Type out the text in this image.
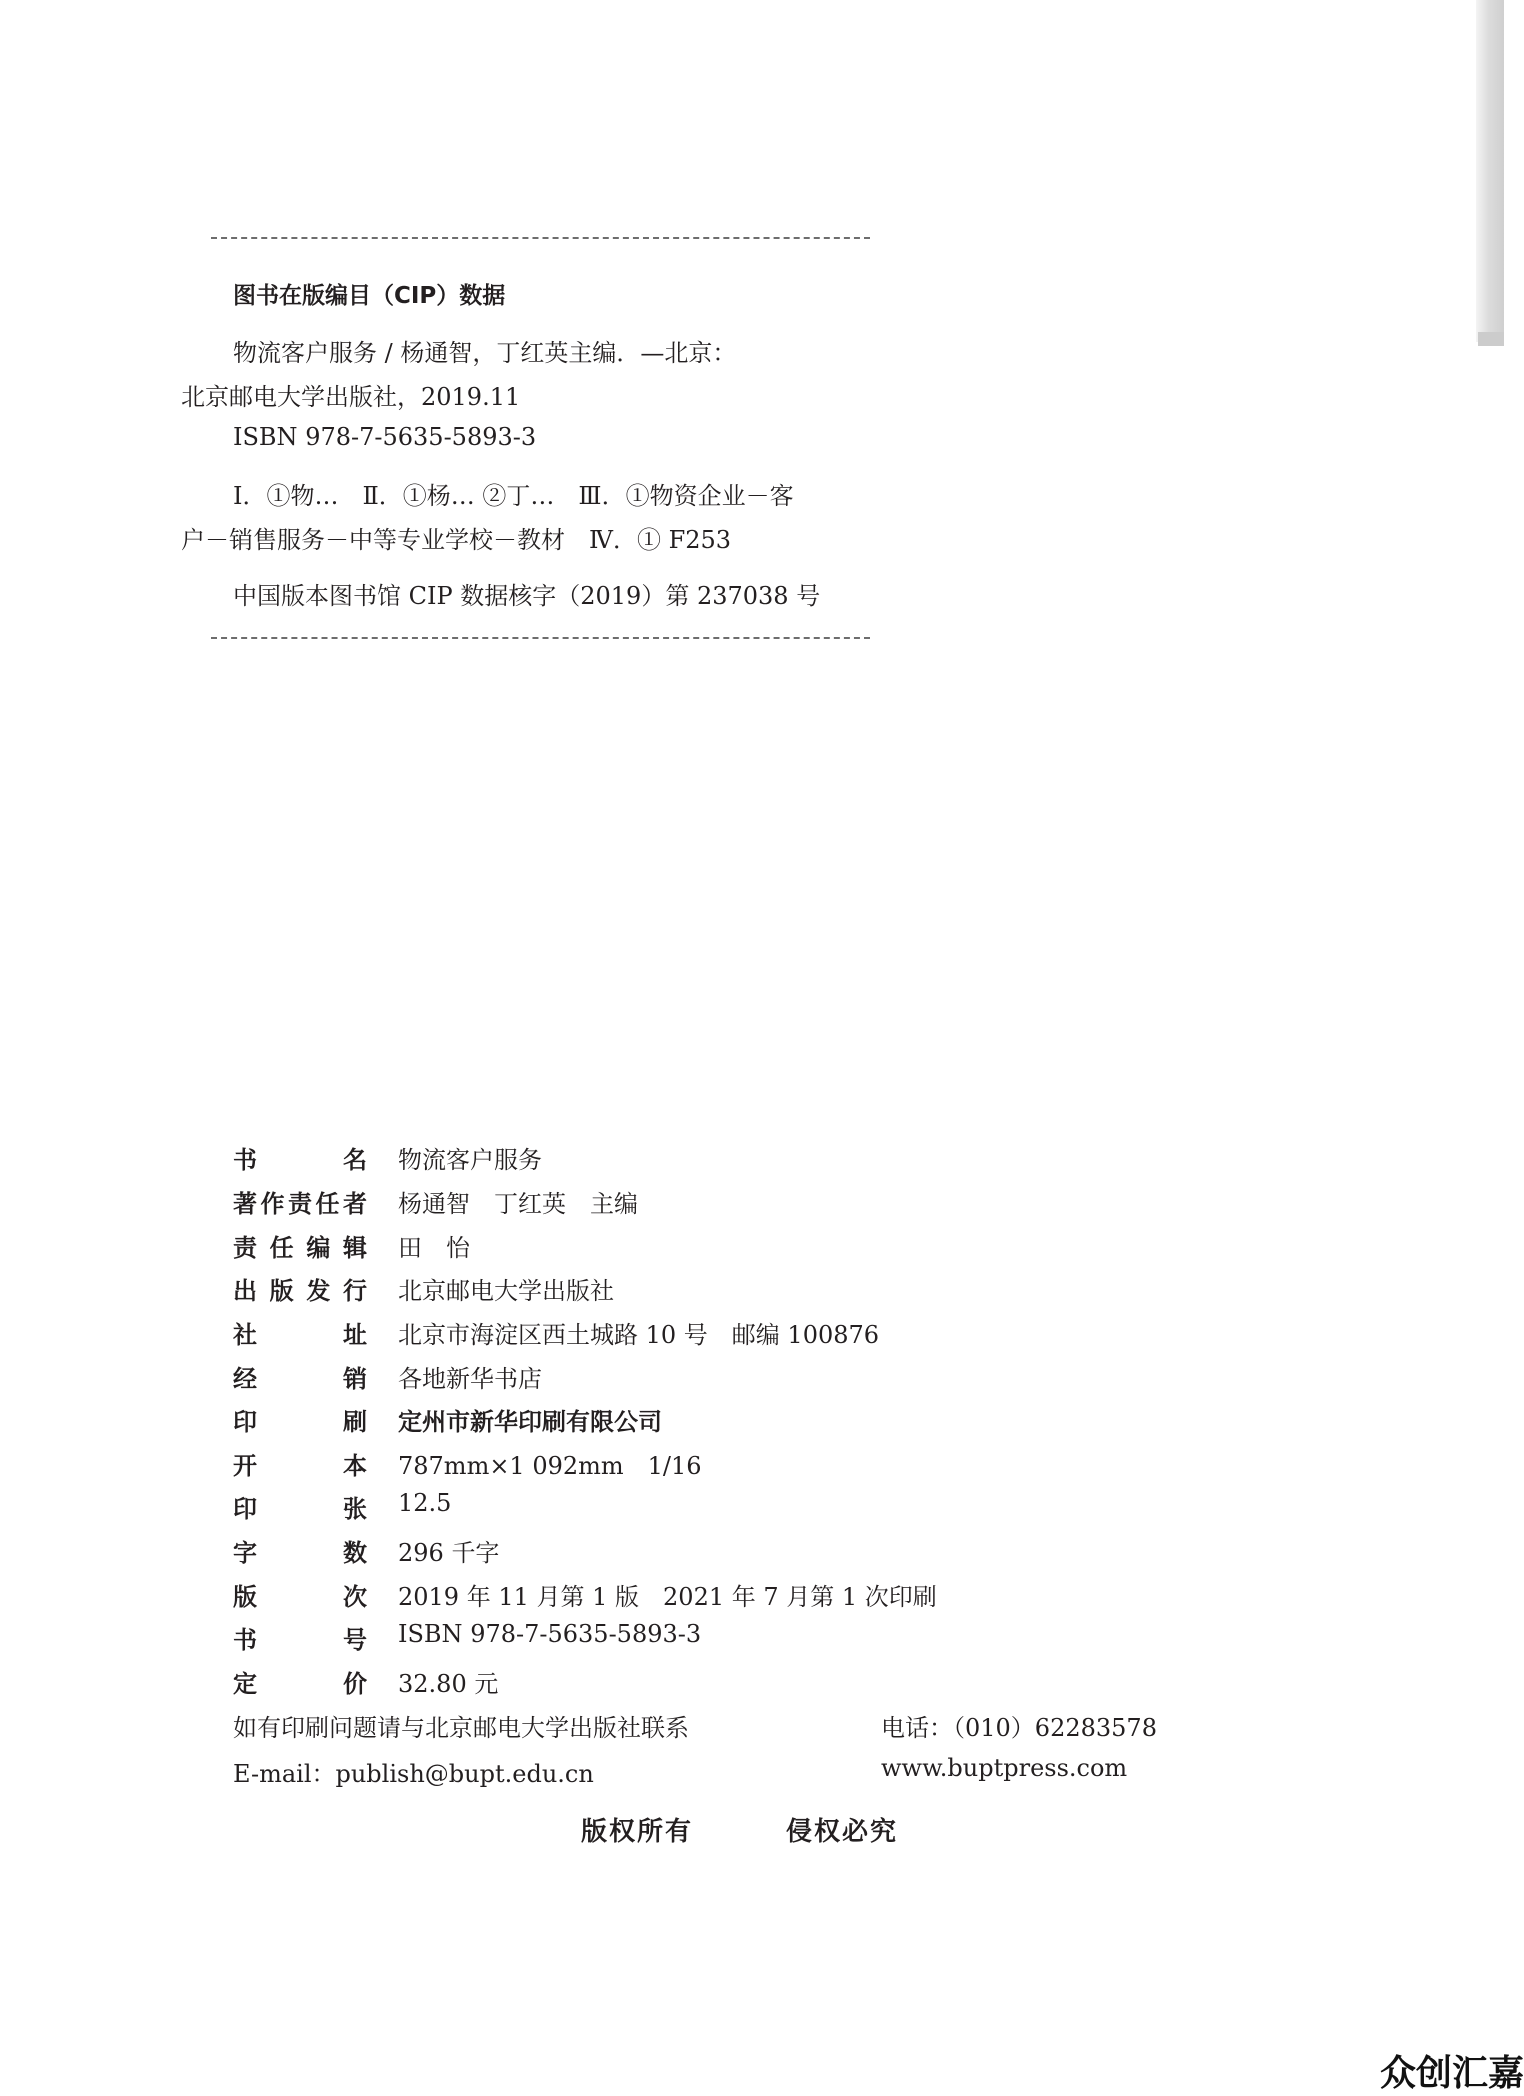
图书在版编目（CIP）数据
物流客户服务 / 杨通智，丁红英主编．—北京：
北京邮电大学出版社，2019.11
ISBN 978-7-5635-5893-3
Ⅰ．①物…　Ⅱ．①杨… ②丁…　Ⅲ．①物资企业－客
户－销售服务－中等专业学校－教材　Ⅳ．① F253
中国版本图书馆 CIP 数据核字（2019）第 237038 号
书名 物流客户服务
著作责任者 杨通智　丁红英　主编
责任编辑 田　怡
出版发行 北京邮电大学出版社
社址 北京市海淀区西土城路 10 号　邮编 100876
经销 各地新华书店
印刷 定州市新华印刷有限公司
开本 787mm×1 092mm　1/16
印张 12.5
字数 296 千字
版次 2019 年 11 月第 1 版　2021 年 7 月第 1 次印刷
书号 ISBN 978-7-5635-5893-3
定价 32.80 元
如有印刷问题请与北京邮电大学出版社联系	电话：（010）62283578
E-mail：publish@bupt.edu.cn	www.buptpress.com
版权所有	侵权必究
众创汇嘉
